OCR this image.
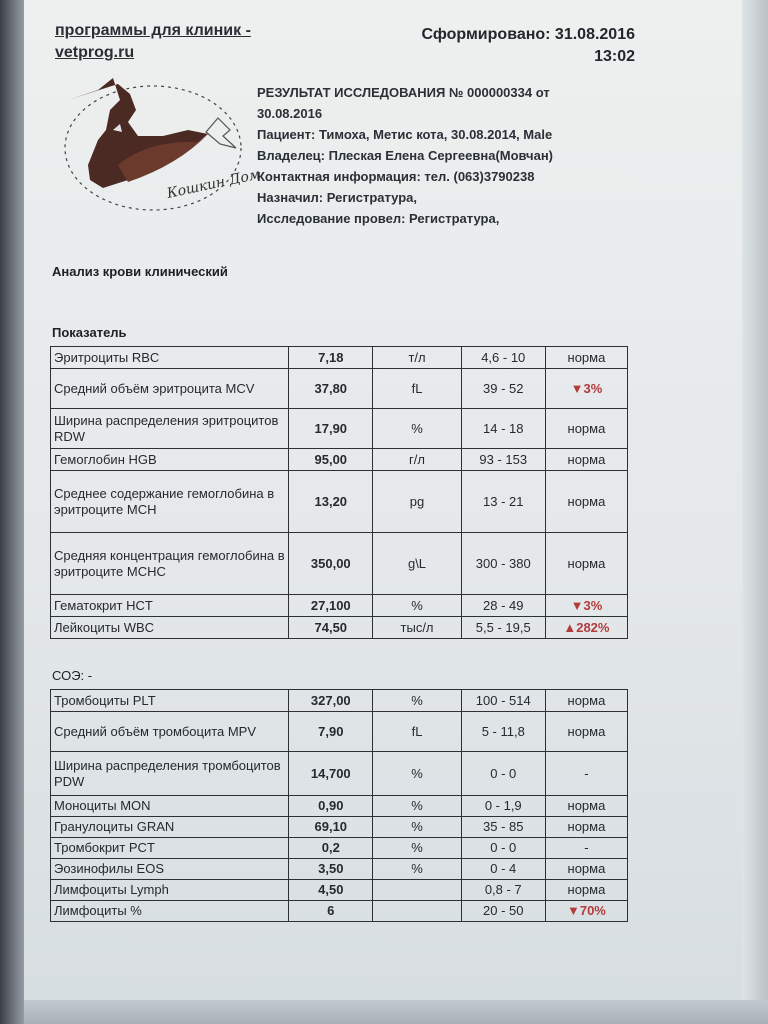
программы для клиник -
vetprog.ru
Сформировано: 31.08.2016
13:02
Кошкин Дом
РЕЗУЛЬТАТ ИССЛЕДОВАНИЯ № 000000334 от
30.08.2016
Пациент: Тимоха, Метис кота, 30.08.2014, Male
Владелец: Плеская Елена Сергеевна(Мовчан)
Контактная информация: тел. (063)3790238
Назначил: Регистратура,
Исследование провел: Регистратура,
Анализ крови клинический
Показатель
Эритроциты RBC	7,18	т/л	4,6 - 10	норма
Средний объём эритроцита MCV	37,80	fL	39 - 52	▼3%
Ширина распределения эритроцитов RDW	17,90	%	14 - 18	норма
Гемоглобин HGB	95,00	г/л	93 - 153	норма
Среднее содержание гемоглобина в эритроците MCH	13,20	pg	13 - 21	норма
Средняя концентрация гемоглобина в эритроците MCHC	350,00	g\L	300 - 380	норма
Гематокрит HCT	27,100	%	28 - 49	▼3%
Лейкоциты WBC	74,50	тыс/л	5,5 - 19,5	▲282%
СОЭ: -
Тромбоциты PLT	327,00	%	100 - 514	норма
Средний объём тромбоцита MPV	7,90	fL	5 - 11,8	норма
Ширина распределения тромбоцитов PDW	14,700	%	0 - 0	-
Моноциты MON	0,90	%	0 - 1,9	норма
Гранулоциты GRAN	69,10	%	35 - 85	норма
Тромбокрит PCT	0,2	%	0 - 0	-
Эозинофилы EOS	3,50	%	0 - 4	норма
Лимфоциты Lymph	4,50		0,8 - 7	норма
Лимфоциты %	6		20 - 50	▼70%
